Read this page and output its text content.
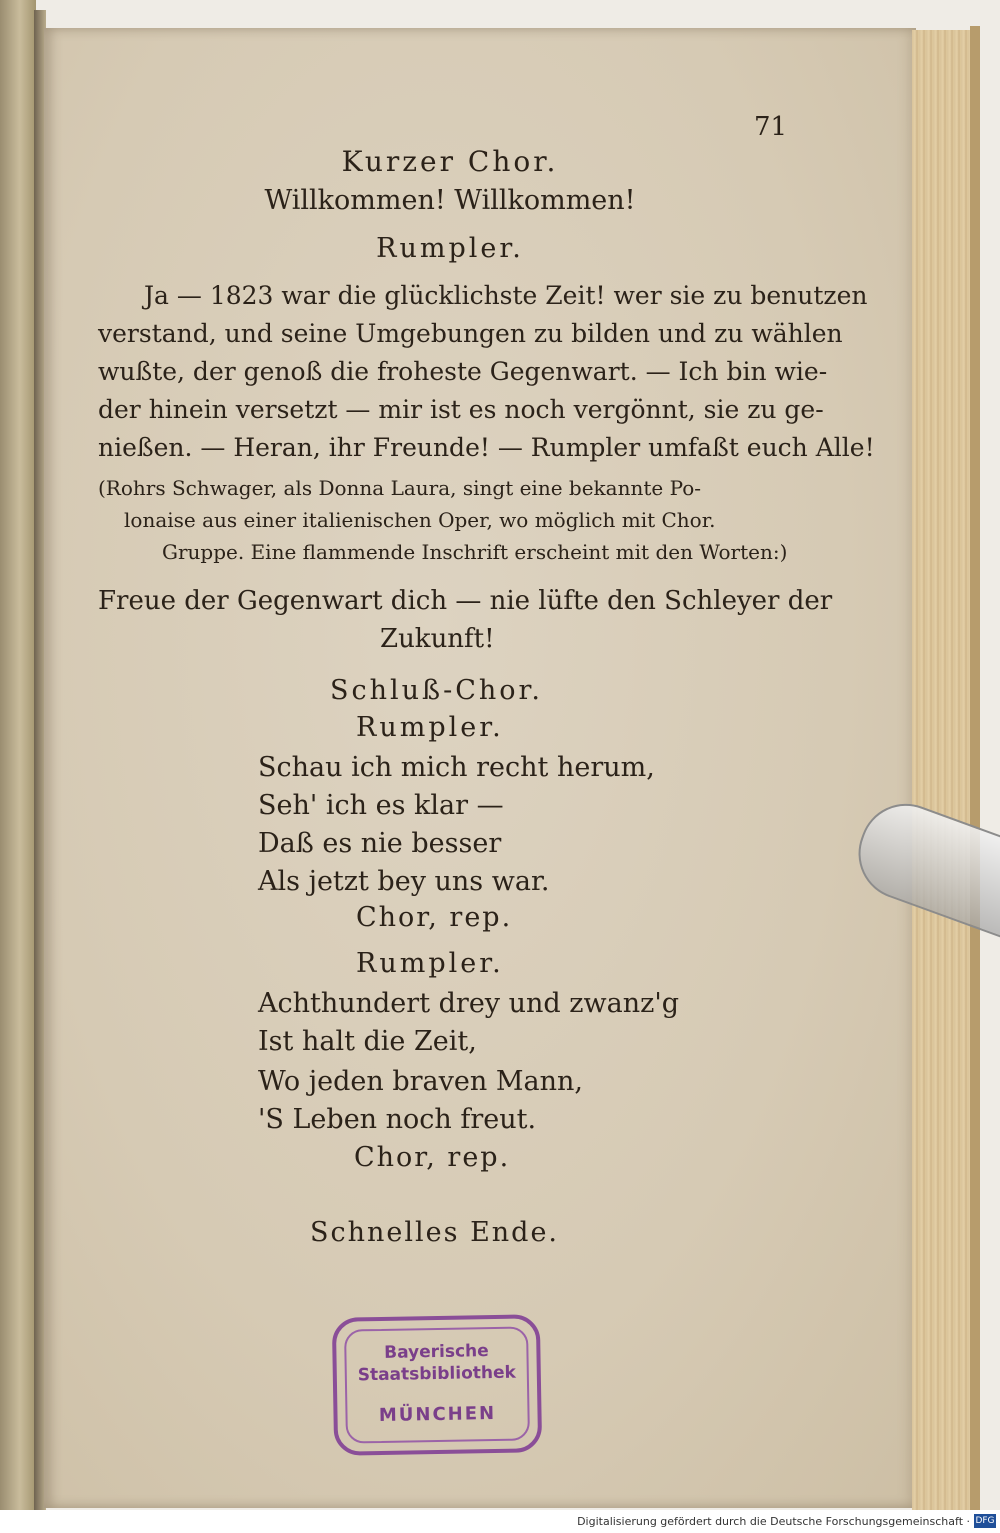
71
Kurzer Chor.
Willkommen! Willkommen!
Rumpler.
Ja — 1823 war die glücklichste Zeit! wer sie zu benutzen
verstand, und seine Umgebungen zu bilden und zu wählen
wußte, der genoß die froheste Gegenwart. — Ich bin wie-
der hinein versetzt — mir ist es noch vergönnt, sie zu ge-
nießen. — Heran, ihr Freunde! — Rumpler umfaßt euch Alle!
(Rohrs Schwager, als Donna Laura, singt eine bekannte Po-
lonaise aus einer italienischen Oper, wo möglich mit Chor.
Gruppe. Eine flammende Inschrift erscheint mit den Worten:)
Freue der Gegenwart dich — nie lüfte den Schleyer der
Zukunft!
Schluß-Chor.
Rumpler.
Schau ich mich recht herum,
Seh' ich es klar —
Daß es nie besser
Als jetzt bey uns war.
Chor, rep.
Rumpler.
Achthundert drey und zwanz'g
Ist halt die Zeit,
Wo jeden braven Mann,
'S Leben noch freut.
Chor, rep.
Schnelles Ende.
Bayerische
Staatsbibliothek
MÜNCHEN
Digitalisierung gefördert durch die Deutsche Forschungsgemeinschaft · DFG
